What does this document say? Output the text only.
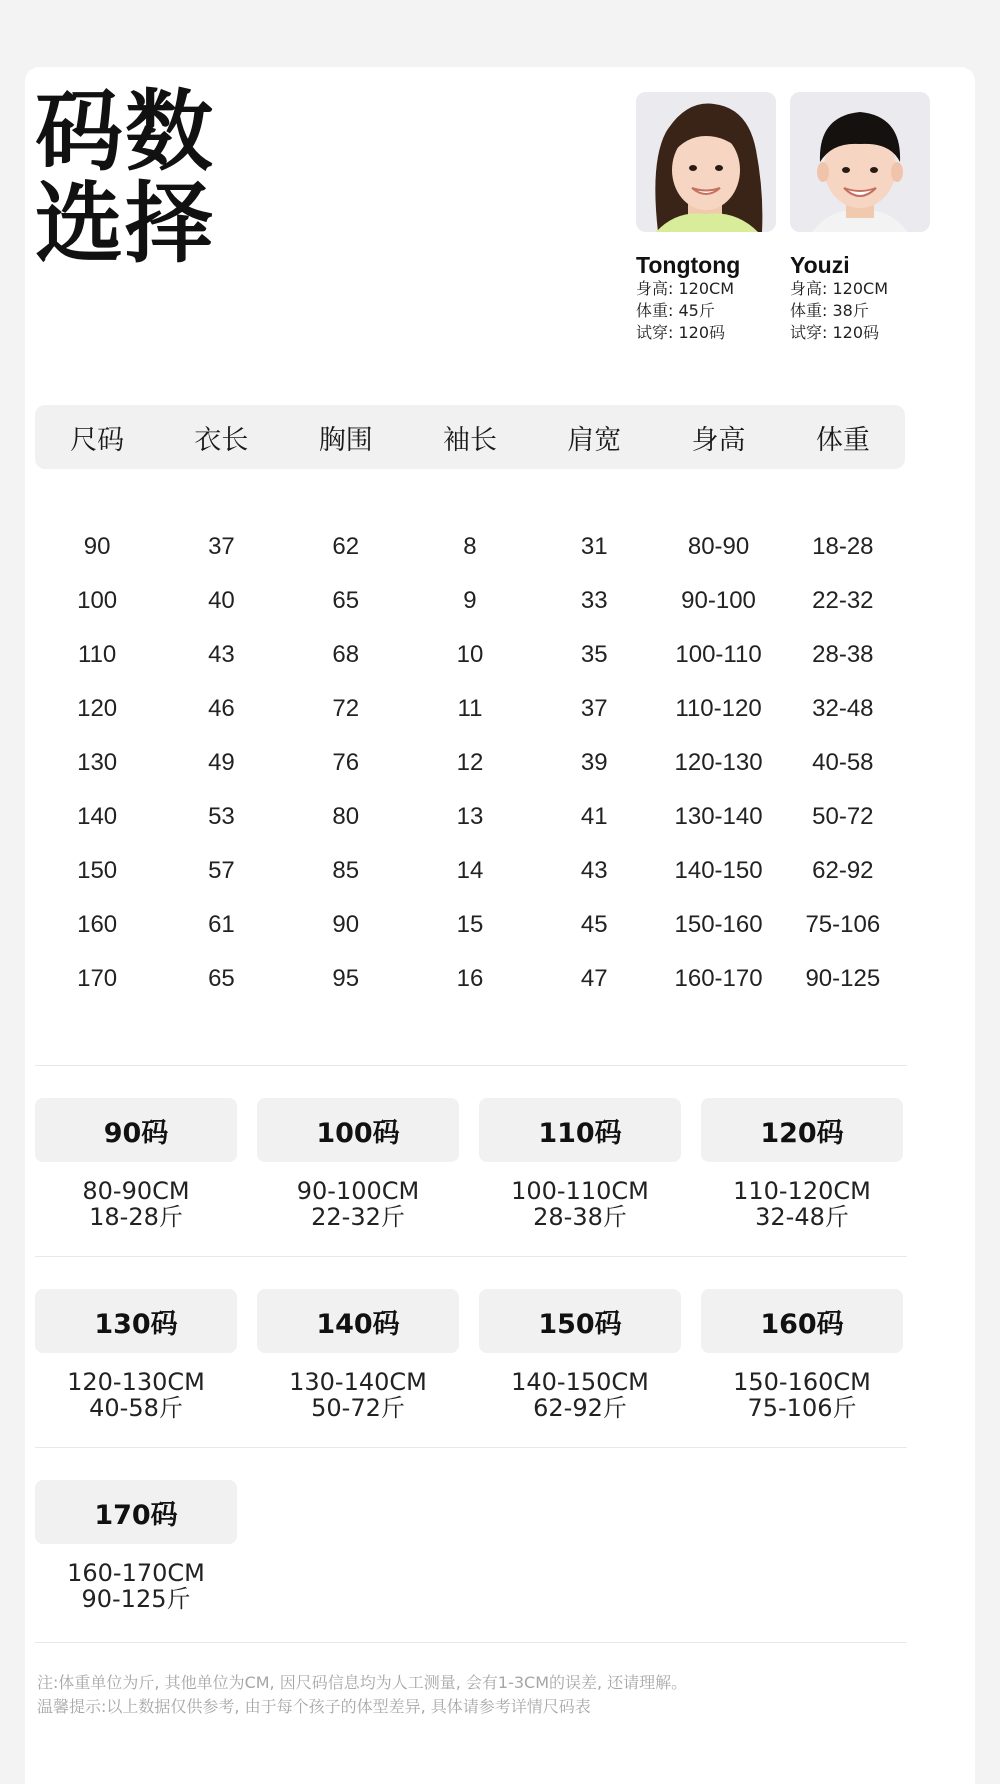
码数
选择	Tongtong
身高: 120CM
体重: 45斤
试穿: 120码
Youzi
身高: 120CM
体重: 38斤
试穿: 120码
尺码	衣长	胸围	袖长	肩宽	身高	体重
90	37	62	8	31	80-90	18-28
100	40	65	9	33	90-100	22-32
110	43	68	10	35	100-110	28-38
120	46	72	11	37	110-120	32-48
130	49	76	12	39	120-130	40-58
140	53	80	13	41	130-140	50-72
150	57	85	14	43	140-150	62-92
160	61	90	15	45	150-160	75-106
170	65	95	16	47	160-170	90-125
90码
80-90CM
18-28斤
100码
90-100CM
22-32斤
110码
100-110CM
28-38斤
120码
110-120CM
32-48斤
130码
120-130CM
40-58斤
140码
130-140CM
50-72斤
150码
140-150CM
62-92斤
160码
150-160CM
75-106斤
170码
160-170CM
90-125斤
注:体重单位为斤, 其他单位为CM, 因尺码信息均为人工测量, 会有1-3CM的误差, 还请理解。
温馨提示:以上数据仅供参考, 由于每个孩子的体型差异, 具体请参考详情尺码表
